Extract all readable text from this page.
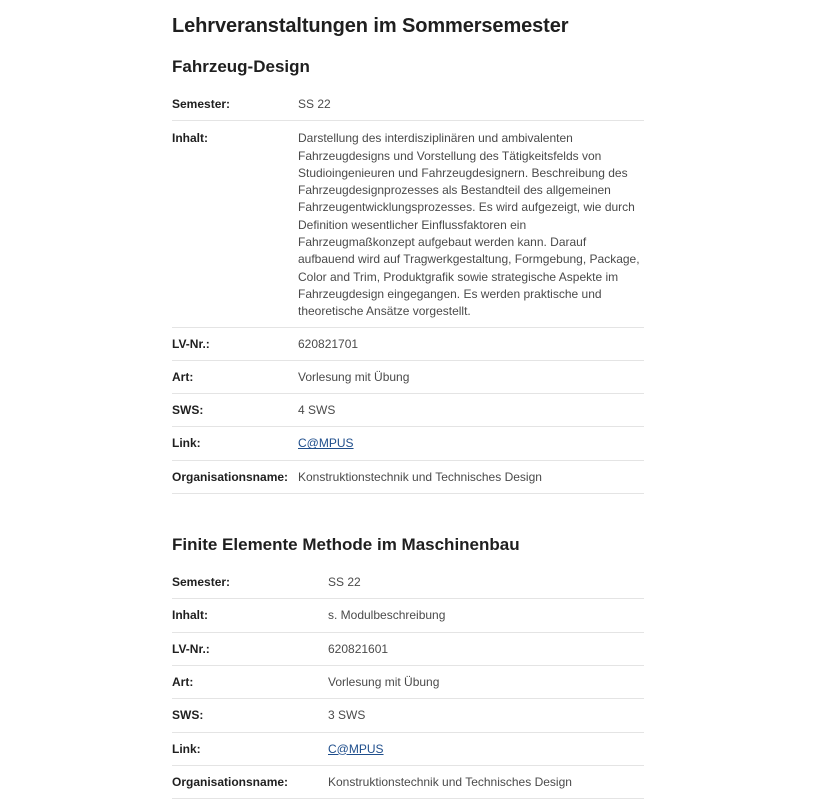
Lehrveranstaltungen im Sommersemester
Fahrzeug-Design
Semester:	SS 22
Inhalt:	Darstellung des interdisziplinären und ambivalenten Fahrzeugdesigns und Vorstellung des Tätigkeitsfelds von Studioingenieuren und Fahrzeugdesignern. Beschreibung des Fahrzeugdesignprozesses als Bestandteil des allgemeinen Fahrzeugentwicklungsprozesses. Es wird aufgezeigt, wie durch Definition wesentlicher Einflussfaktoren ein Fahrzeugmaßkonzept aufgebaut werden kann. Darauf aufbauend wird auf Tragwerkgestaltung, Formgebung, Package, Color and Trim, Produktgrafik sowie strategische Aspekte im Fahrzeugdesign eingegangen. Es werden praktische und theoretische Ansätze vorgestellt.
LV-Nr.:	620821701
Art:	Vorlesung mit Übung
SWS:	4 SWS
Link:	C@MPUS
Organisationsname:	Konstruktionstechnik und Technisches Design
Finite Elemente Methode im Maschinenbau
Semester:	SS 22
Inhalt:	s. Modulbeschreibung
LV-Nr.:	620821601
Art:	Vorlesung mit Übung
SWS:	3 SWS
Link:	C@MPUS
Organisationsname:	Konstruktionstechnik und Technisches Design
